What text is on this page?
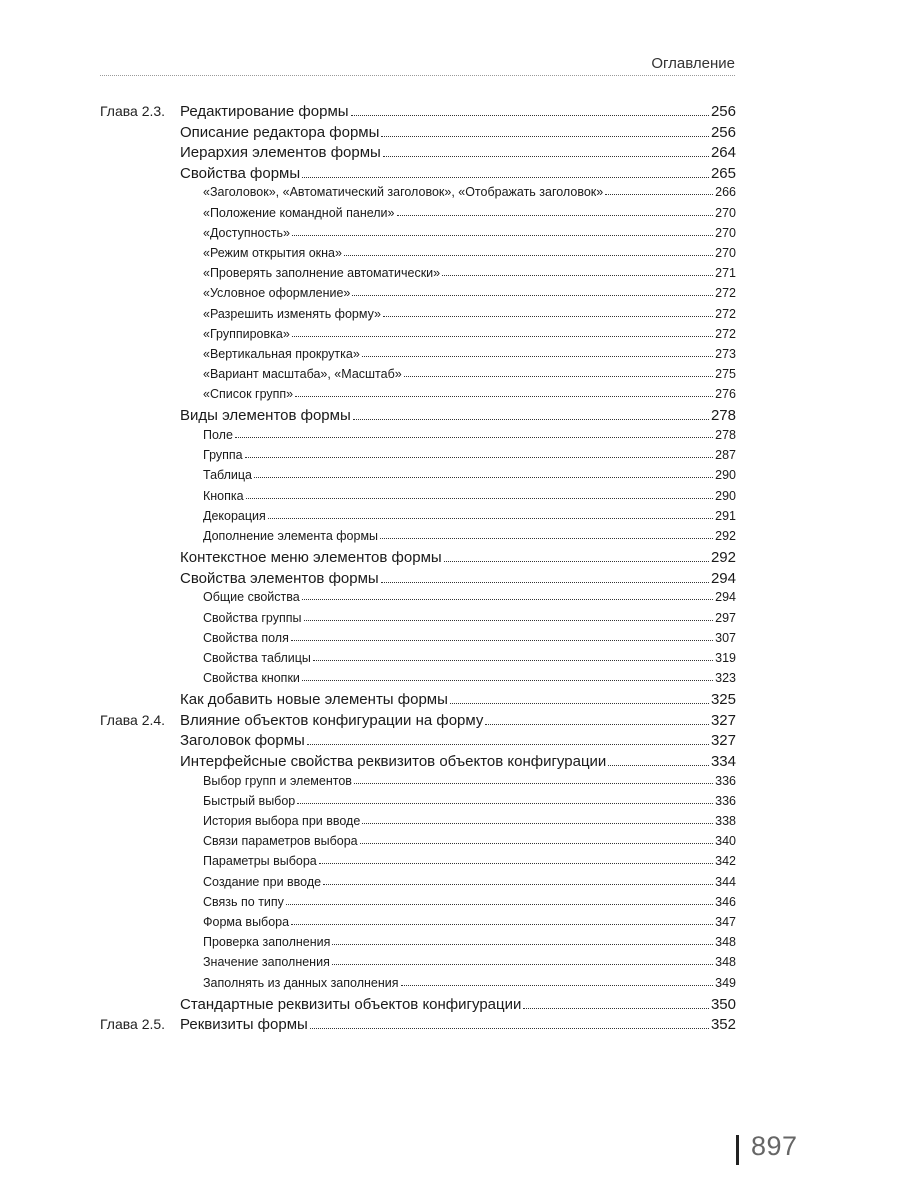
Оглавление
Глава 2.3. Редактирование формы	256
Описание редактора формы	256
Иерархия элементов формы	264
Свойства формы	265
«Заголовок», «Автоматический заголовок», «Отображать заголовок»	266
«Положение командной панели»	270
«Доступность»	270
«Режим открытия окна»	270
«Проверять заполнение автоматически»	271
«Условное оформление»	272
«Разрешить изменять форму»	272
«Группировка»	272
«Вертикальная прокрутка»	273
«Вариант масштаба», «Масштаб»	275
«Список групп»	276
Виды элементов формы	278
Поле	278
Группа	287
Таблица	290
Кнопка	290
Декорация	291
Дополнение элемента формы	292
Контекстное меню элементов формы	292
Свойства элементов формы	294
Общие свойства	294
Свойства группы	297
Свойства поля	307
Свойства таблицы	319
Свойства кнопки	323
Как добавить новые элементы формы	325
Глава 2.4. Влияние объектов конфигурации на форму	327
Заголовок формы	327
Интерфейсные свойства реквизитов объектов конфигурации	334
Выбор групп и элементов	336
Быстрый выбор	336
История выбора при вводе	338
Связи параметров выбора	340
Параметры выбора	342
Создание при вводе	344
Связь по типу	346
Форма выбора	347
Проверка заполнения	348
Значение заполнения	348
Заполнять из данных заполнения	349
Стандартные реквизиты объектов конфигурации	350
Глава 2.5. Реквизиты формы	352
897
